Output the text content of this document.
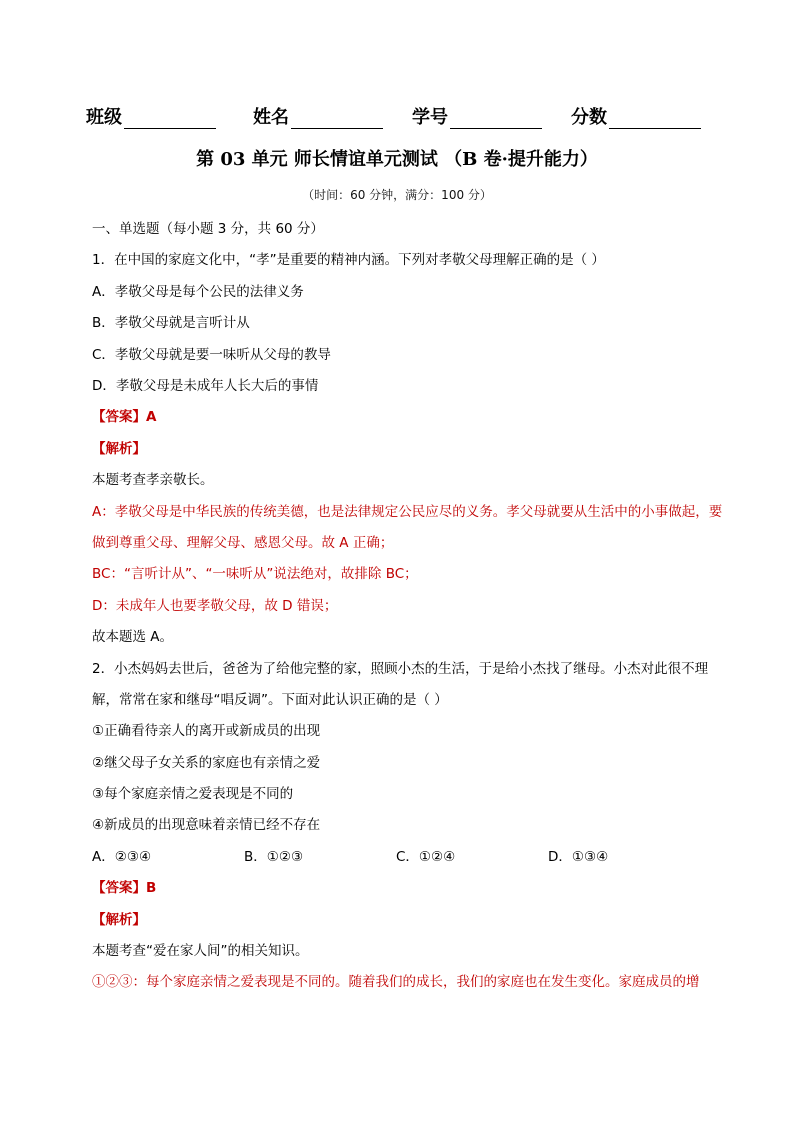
班级	姓名	学号	分数
第 03 单元 师长情谊单元测试 （B 卷·提升能力）
（时间：60 分钟，满分：100 分）
一、单选题（每小题 3 分，共 60 分）
1．在中国的家庭文化中，“孝”是重要的精神内涵。下列对孝敬父母理解正确的是（ ）
A．孝敬父母是每个公民的法律义务
B．孝敬父母就是言听计从
C．孝敬父母就是要一味听从父母的教导
D．孝敬父母是未成年人长大后的事情
【答案】A
【解析】
本题考查孝亲敬长。
A：孝敬父母是中华民族的传统美德，也是法律规定公民应尽的义务。孝父母就要从生活中的小事做起，要做到尊重父母、理解父母、感恩父母。故 A 正确；
BC：“言听计从”、“一味听从”说法绝对，故排除 BC；
D：未成年人也要孝敬父母，故 D 错误；
故本题选 A。
2．小杰妈妈去世后，爸爸为了给他完整的家，照顾小杰的生活，于是给小杰找了继母。小杰对此很不理解，常常在家和继母“唱反调”。下面对此认识正确的是（ ）
①正确看待亲人的离开或新成员的出现
②继父母子女关系的家庭也有亲情之爱
③每个家庭亲情之爱表现是不同的
④新成员的出现意味着亲情已经不存在
A．②③④	B．①②③	C．①②④	D．①③④
【答案】B
【解析】
本题考查“爱在家人间”的相关知识。
①②③：每个家庭亲情之爱表现是不同的。随着我们的成长，我们的家庭也在发生变化。家庭成员的增
